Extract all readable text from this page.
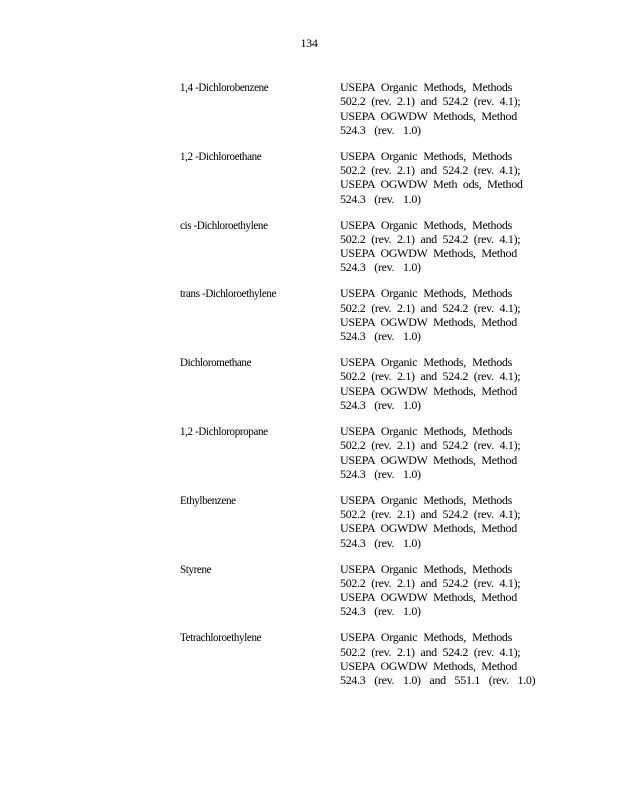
134
1,4 -Dichlorobenzene	USEPA Organic Methods, Methods
502.2 (rev. 2.1) and 524.2 (rev. 4.1);
USEPA OGWDW Methods, Method
524.3 (rev. 1.0)
1,2 -Dichloroethane	USEPA Organic Methods, Methods
502.2 (rev. 2.1) and 524.2 (rev. 4.1);
USEPA OGWDW Meth ods, Method
524.3 (rev. 1.0)
cis -Dichloroethylene	USEPA Organic Methods, Methods
502.2 (rev. 2.1) and 524.2 (rev. 4.1);
USEPA OGWDW Methods, Method
524.3 (rev. 1.0)
trans -Dichloroethylene	USEPA Organic Methods, Methods
502.2 (rev. 2.1) and 524.2 (rev. 4.1);
USEPA OGWDW Methods, Method
524.3 (rev. 1.0)
Dichloromethane	USEPA Organic Methods, Methods
502.2 (rev. 2.1) and 524.2 (rev. 4.1);
USEPA OGWDW Methods, Method
524.3 (rev. 1.0)
1,2 -Dichloropropane	USEPA Organic Methods, Methods
502.2 (rev. 2.1) and 524.2 (rev. 4.1);
USEPA OGWDW Methods, Method
524.3 (rev. 1.0)
Ethylbenzene	USEPA Organic Methods, Methods
502.2 (rev. 2.1) and 524.2 (rev. 4.1);
USEPA OGWDW Methods, Method
524.3 (rev. 1.0)
Styrene	USEPA Organic Methods, Methods
502.2 (rev. 2.1) and 524.2 (rev. 4.1);
USEPA OGWDW Methods, Method
524.3 (rev. 1.0)
Tetrachloroethylene	USEPA Organic Methods, Methods
502.2 (rev. 2.1) and 524.2 (rev. 4.1);
USEPA OGWDW Methods, Method
524.3 (rev. 1.0) and 551.1 (rev. 1.0)
